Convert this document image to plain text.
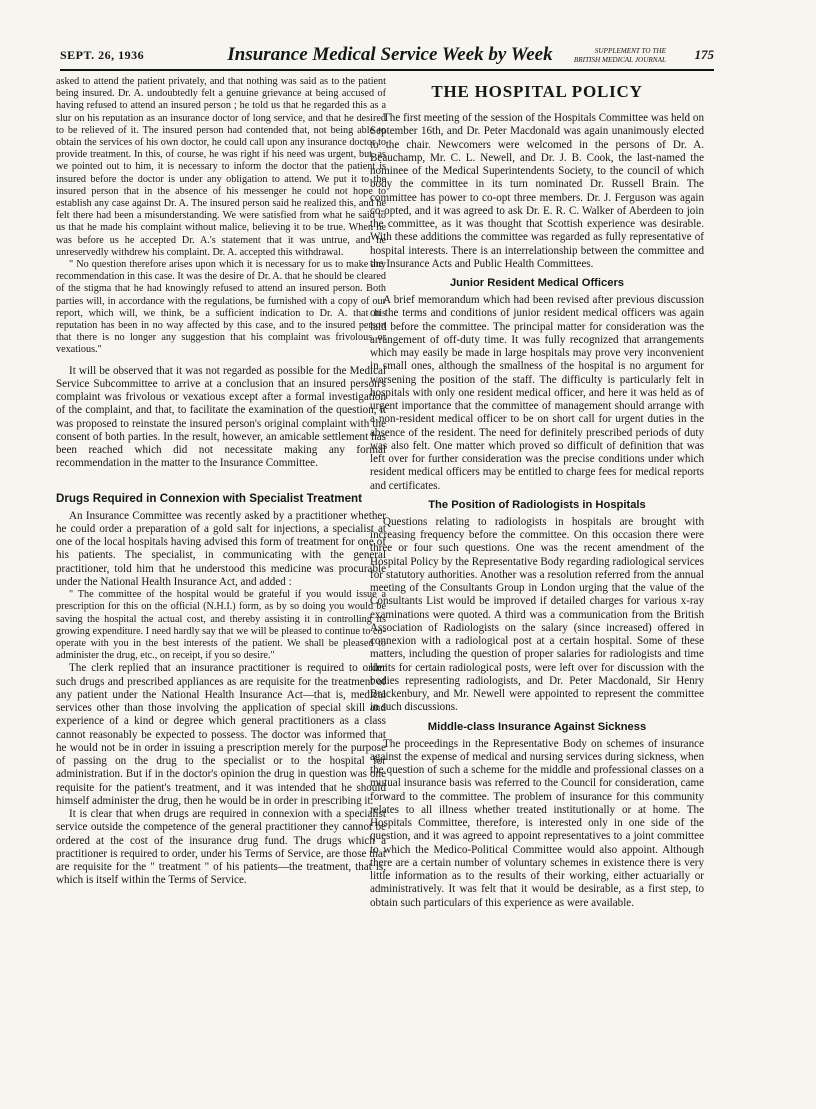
SEPT. 26, 1936	Insurance Medical Service Week by Week	SUPPLEMENT TO THE
BRITISH MEDICAL JOURNAL 175

asked to attend the patient privately, and that nothing was said as to the patient being insured. Dr. A. undoubtedly felt a genuine grievance at being accused of having refused to attend an insured person ; he told us that he regarded this as a slur on his reputation as an insurance doctor of long service, and that he desired to be relieved of it. The insured person had contended that, not being able to obtain the services of his own doctor, he could call upon any insurance doctor to provide treatment. In this, of course, he was right if his need was urgent, but, as we pointed out to him, it is necessary to inform the doctor that the patient is insured before the doctor is under any obligation to attend. We put it to the insured person that in the absence of his messenger he could not hope to establish any case against Dr. A. The insured person said he realized this, and he felt there had been a misunderstanding. We were satisfied from what he said to us that he made his complaint without malice, believing it to be true. When he was before us he accepted Dr. A.'s statement that it was untrue, and he unreservedly withdrew his complaint. Dr. A. accepted this withdrawal.

" No question therefore arises upon which it is necessary for us to make any recommendation in this case. It was the desire of Dr. A. that he should be cleared of the stigma that he had knowingly refused to attend an insured person. Both parties will, in accordance with the regulations, be furnished with a copy of our report, which will, we think, be a sufficient indication to Dr. A. that his reputation has been in no way affected by this case, and to the insured person that there is no longer any suggestion that his complaint was frivolous or vexatious."

It will be observed that it was not regarded as possible for the Medical Service Subcommittee to arrive at a conclusion that an insured person's complaint was frivolous or vexatious except after a formal investigation of the complaint, and that, to facilitate the examination of the question, it was proposed to reinstate the insured person's original complaint with the consent of both parties. In the result, however, an amicable settlement has been reached which did not necessitate making any formal recommendation in the matter to the Insurance Committee.

Drugs Required in Connexion with Specialist Treatment

An Insurance Committee was recently asked by a practitioner whether he could order a preparation of a gold salt for injections, a specialist at one of the local hospitals having advised this form of treatment for one of his patients. The specialist, in communicating with the general practitioner, told him that he understood this medicine was procurable under the National Health Insurance Act, and added :

" The committee of the hospital would be grateful if you would issue a prescription for this on the official (N.H.I.) form, as by so doing you would be saving the hospital the actual cost, and thereby assisting it in controlling its growing expenditure. I need hardly say that we will be pleased to continue to co-operate with you in the best interests of the patient. We shall be pleased to administer the drug, etc., on receipt, if you so desire."

The clerk replied that an insurance practitioner is required to order such drugs and prescribed appliances as are requisite for the treatment of any patient under the National Health Insurance Act—that is, medical services other than those involving the application of special skill and experience of a kind or degree which general practitioners as a class cannot reasonably be expected to possess. The doctor was informed that he would not be in order in issuing a prescription merely for the purpose of passing on the drug to the specialist or to the hospital for administration. But if in the doctor's opinion the drug in question was one requisite for the patient's treatment, and it was intended that he should himself administer the drug, then he would be in order in prescribing it.

It is clear that when drugs are required in connexion with a specialist service outside the competence of the general practitioner they cannot be ordered at the cost of the insurance drug fund. The drugs which a practitioner is required to order, under his Terms of Service, are those that are requisite for the " treatment " of his patients—the treatment, that is, which is itself within the Terms of Service.

THE HOSPITAL POLICY

The first meeting of the session of the Hospitals Committee was held on September 16th, and Dr. Peter Macdonald was again unanimously elected to the chair. Newcomers were welcomed in the persons of Dr. A. Beauchamp, Mr. C. L. Newell, and Dr. J. B. Cook, the last-named the nominee of the Medical Superintendents Society, to the council of which body the committee in its turn nominated Dr. Russell Brain. The committee has power to co-opt three members. Dr. J. Ferguson was again co-opted, and it was agreed to ask Dr. E. R. C. Walker of Aberdeen to join the committee, as it was thought that Scottish experience was desirable. With these additions the committee was regarded as fully representative of hospital interests. There is an interrelationship between the committee and the Insurance Acts and Public Health Committees.

Junior Resident Medical Officers

A brief memorandum which had been revised after previous discussion on the terms and conditions of junior resident medical officers was again laid before the committee. The principal matter for consideration was the arrangement of off-duty time. It was fully recognized that arrangements which may easily be made in large hospitals may prove very inconvenient in small ones, although the smallness of the hospital is no argument for worsening the position of the staff. The difficulty is particularly felt in hospitals with only one resident medical officer, and here it was held as of urgent importance that the committee of management should arrange with a non-resident medical officer to be on short call for urgent duties in the absence of the resident. The need for definitely prescribed periods of duty was also felt. One matter which proved so difficult of definition that was left over for further consideration was the precise conditions under which resident medical officers may be entitled to charge fees for medical reports and certificates.

The Position of Radiologists in Hospitals

Questions relating to radiologists in hospitals are brought with increasing frequency before the committee. On this occasion there were three or four such questions. One was the recent amendment of the Hospital Policy by the Representative Body regarding radiological services for statutory authorities. Another was a resolution referred from the annual meeting of the Consultants Group in London urging that the value of the Consultants List would be improved if detailed charges for various x-ray examinations were quoted. A third was a communication from the British Association of Radiologists on the salary (since increased) offered in connexion with a radiological post at a certain hospital. Some of these matters, including the question of proper salaries for radiologists and time limits for certain radiological posts, were left over for discussion with the bodies representing radiologists, and Dr. Peter Macdonald, Sir Henry Brackenbury, and Mr. Newell were appointed to represent the committee in such discussions.

Middle-class Insurance Against Sickness

The proceedings in the Representative Body on schemes of insurance against the expense of medical and nursing services during sickness, when the question of such a scheme for the middle and professional classes on a mutual insurance basis was referred to the Council for consideration, came forward to the committee. The problem of insurance for this community relates to all illness whether treated institutionally or at home. The Hospitals Committee, therefore, is interested only in one side of the question, and it was agreed to appoint representatives to a joint committee to which the Medico-Political Committee would also appoint. Although there are a certain number of voluntary schemes in existence there is very little information as to the results of their working, either actuarially or administratively. It was felt that it would be desirable, as a first step, to obtain such particulars of this experience as were available.
